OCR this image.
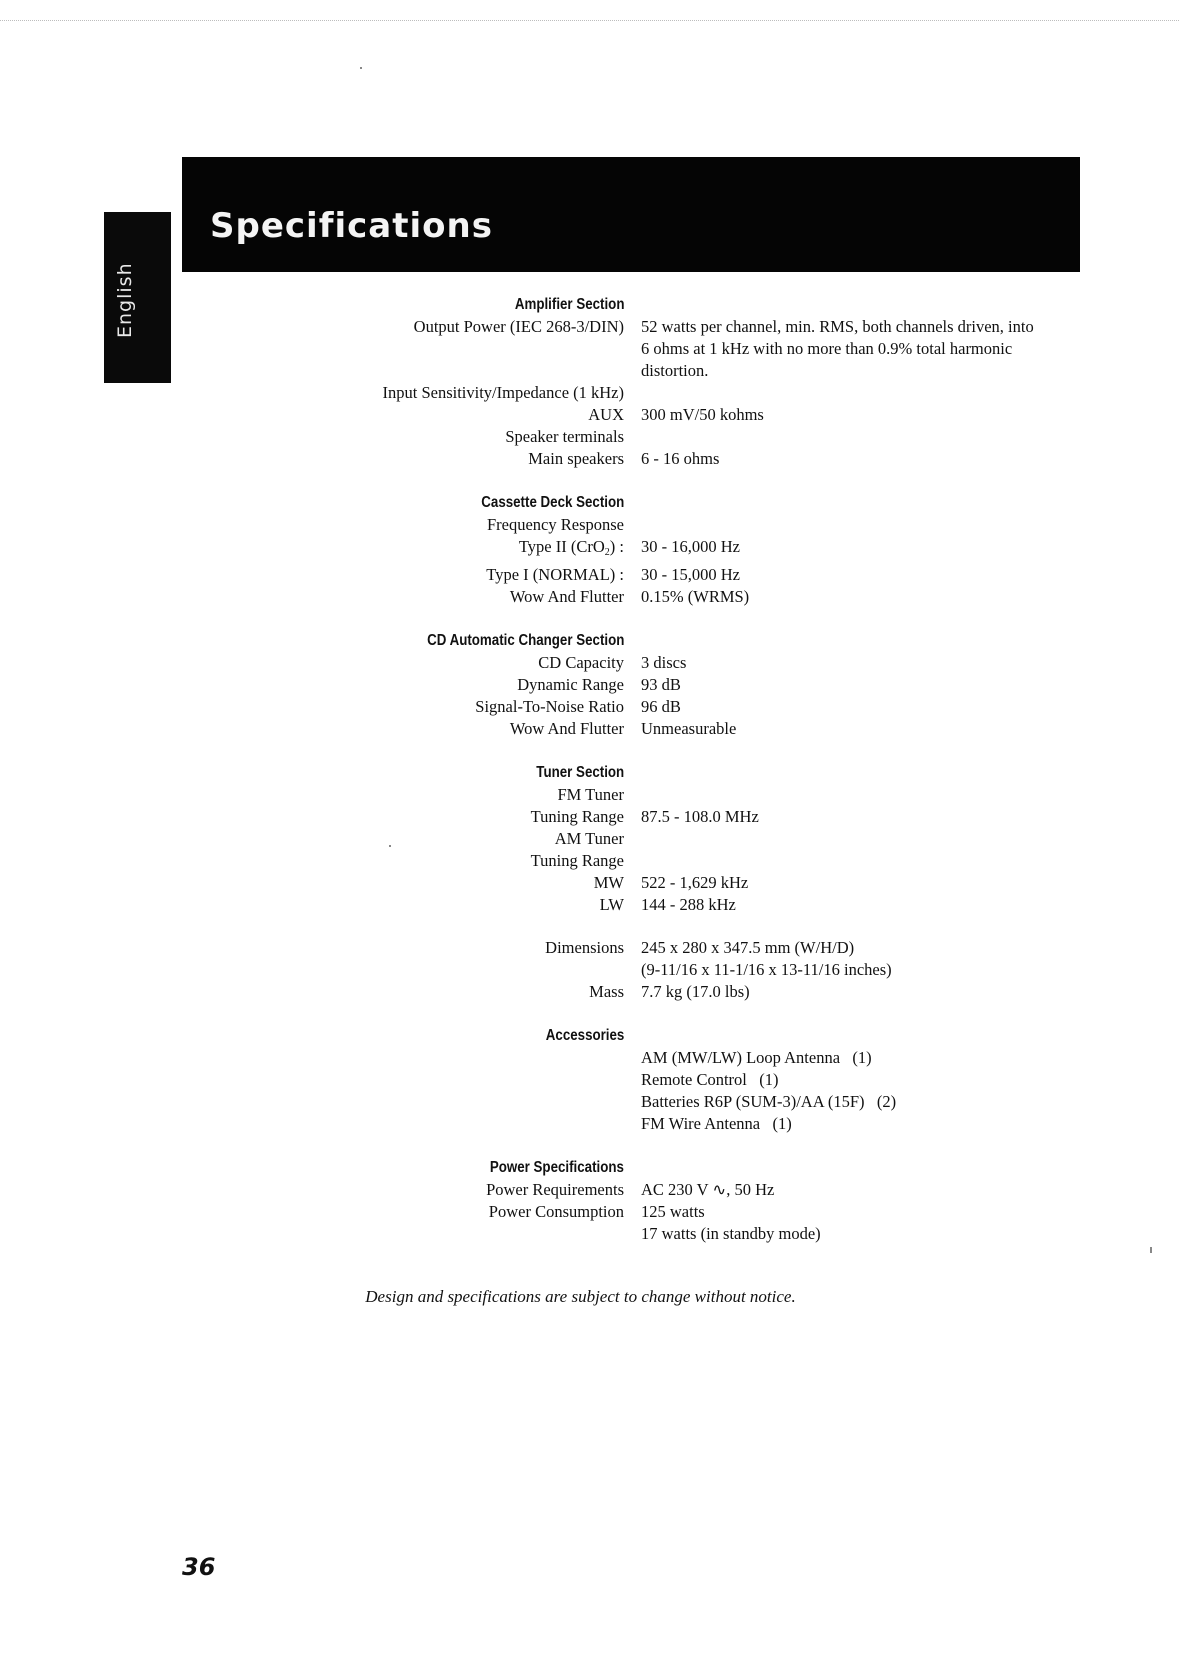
English
Specifications
Amplifier Section
Output Power (IEC 268-3/DIN) 52 watts per channel, min. RMS, both channels driven, into
6 ohms at 1 kHz with no more than 0.9% total harmonic
distortion.
Input Sensitivity/Impedance (1 kHz)
AUX 300 mV/50 kohms
Speaker terminals
Main speakers 6 - 16 ohms
Cassette Deck Section
Frequency Response
Type II (CrO$_2$) : 30 - 16,000 Hz
Type I (NORMAL) : 30 - 15,000 Hz
Wow And Flutter 0.15% (WRMS)
CD Automatic Changer Section
CD Capacity 3 discs
Dynamic Range 93 dB
Signal-To-Noise Ratio 96 dB
Wow And Flutter Unmeasurable
Tuner Section
FM Tuner
Tuning Range 87.5 - 108.0 MHz
AM Tuner
Tuning Range
MW 522 - 1,629 kHz
LW 144 - 288 kHz
Dimensions 245 x 280 x 347.5 mm (W/H/D)
(9-11/16 x 11-1/16 x 13-11/16 inches)
Mass 7.7 kg (17.0 lbs)
Accessories
AM (MW/LW) Loop Antenna   (1)
Remote Control   (1)
Batteries R6P (SUM-3)/AA (15F)   (2)
FM Wire Antenna   (1)
Power Specifications
Power Requirements AC 230 V ∿, 50 Hz
Power Consumption 125 watts
17 watts (in standby mode)
Design and specifications are subject to change without notice.
36
